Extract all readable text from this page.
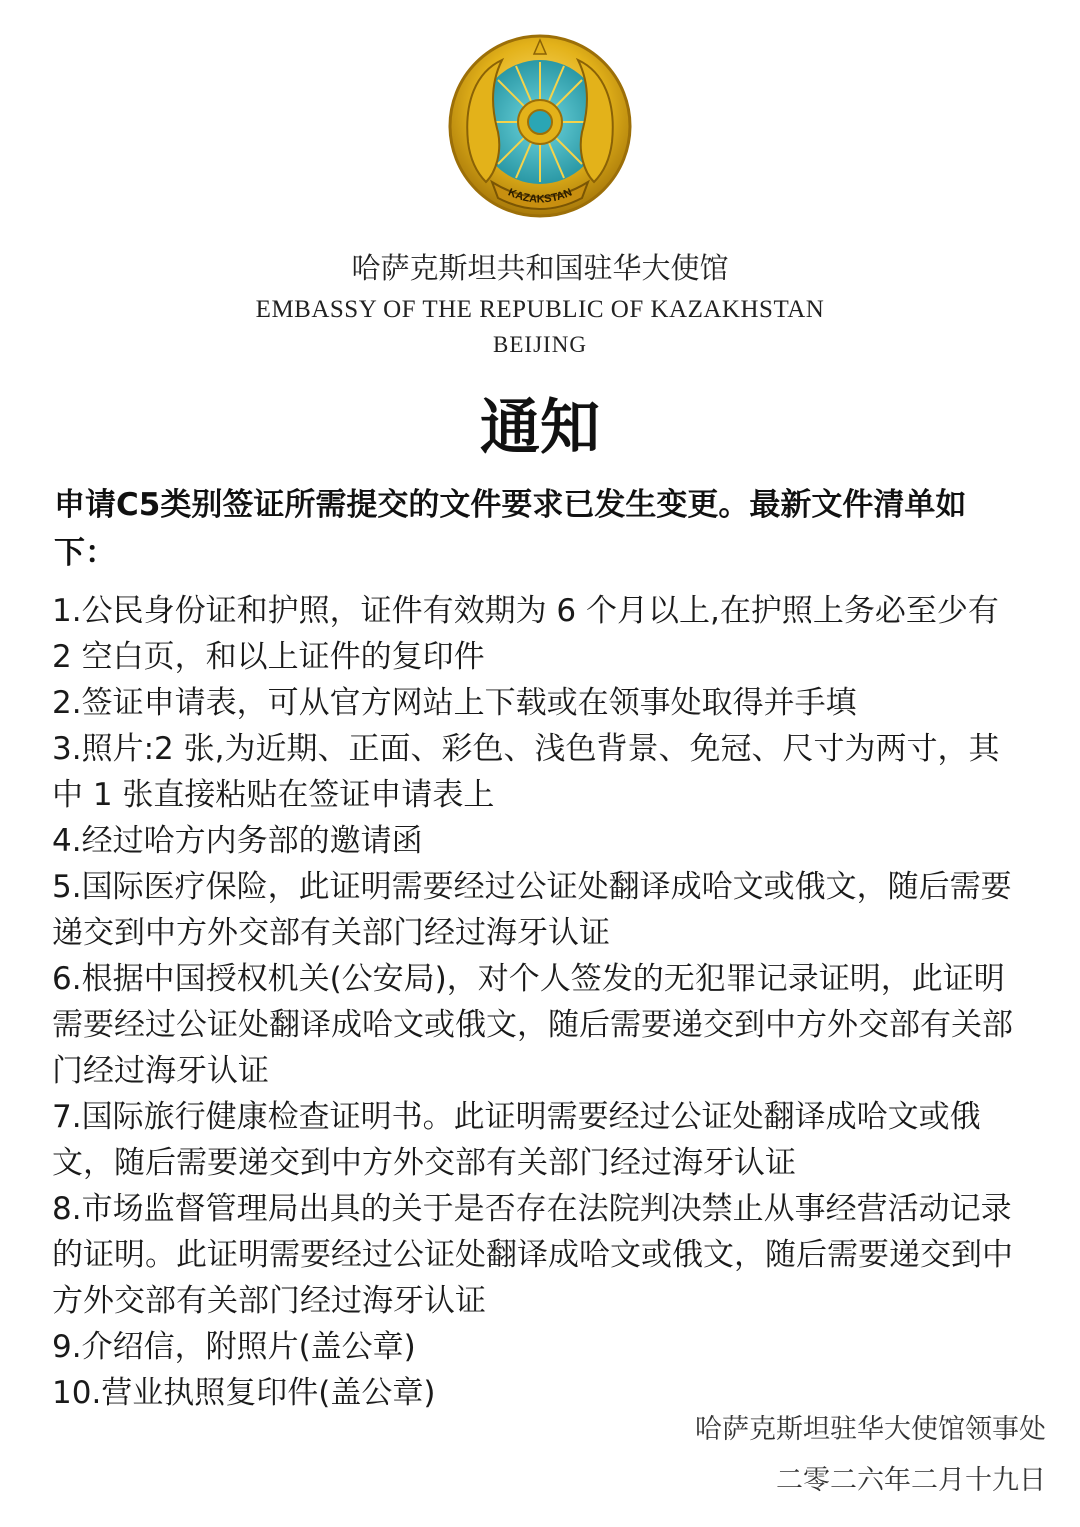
KAZAKSTAN
哈萨克斯坦共和国驻华大使馆
EMBASSY OF THE REPUBLIC OF KAZAKHSTAN
BEIJING
通知
申请C5类别签证所需提交的文件要求已发生变更。最新文件清单如下：
1.公民身份证和护照，证件有效期为 6 个月以上,在护照上务必至少有 2 空白页，和以上证件的复印件
2.签证申请表，可从官方网站上下载或在领事处取得并手填
3.照片:2 张,为近期、正面、彩色、浅色背景、免冠、尺寸为两寸，其中 1 张直接粘贴在签证申请表上
4.经过哈方内务部的邀请函
5.国际医疗保险，此证明需要经过公证处翻译成哈文或俄文，随后需要递交到中方外交部有关部门经过海牙认证
6.根据中国授权机关(公安局)，对个人签发的无犯罪记录证明，此证明需要经过公证处翻译成哈文或俄文，随后需要递交到中方外交部有关部门经过海牙认证
7.国际旅行健康检查证明书。此证明需要经过公证处翻译成哈文或俄文，随后需要递交到中方外交部有关部门经过海牙认证
8.市场监督管理局出具的关于是否存在法院判决禁止从事经营活动记录的证明。此证明需要经过公证处翻译成哈文或俄文，随后需要递交到中方外交部有关部门经过海牙认证
9.介绍信，附照片(盖公章)
10.营业执照复印件(盖公章)
哈萨克斯坦驻华大使馆领事处
二零二六年二月十九日
